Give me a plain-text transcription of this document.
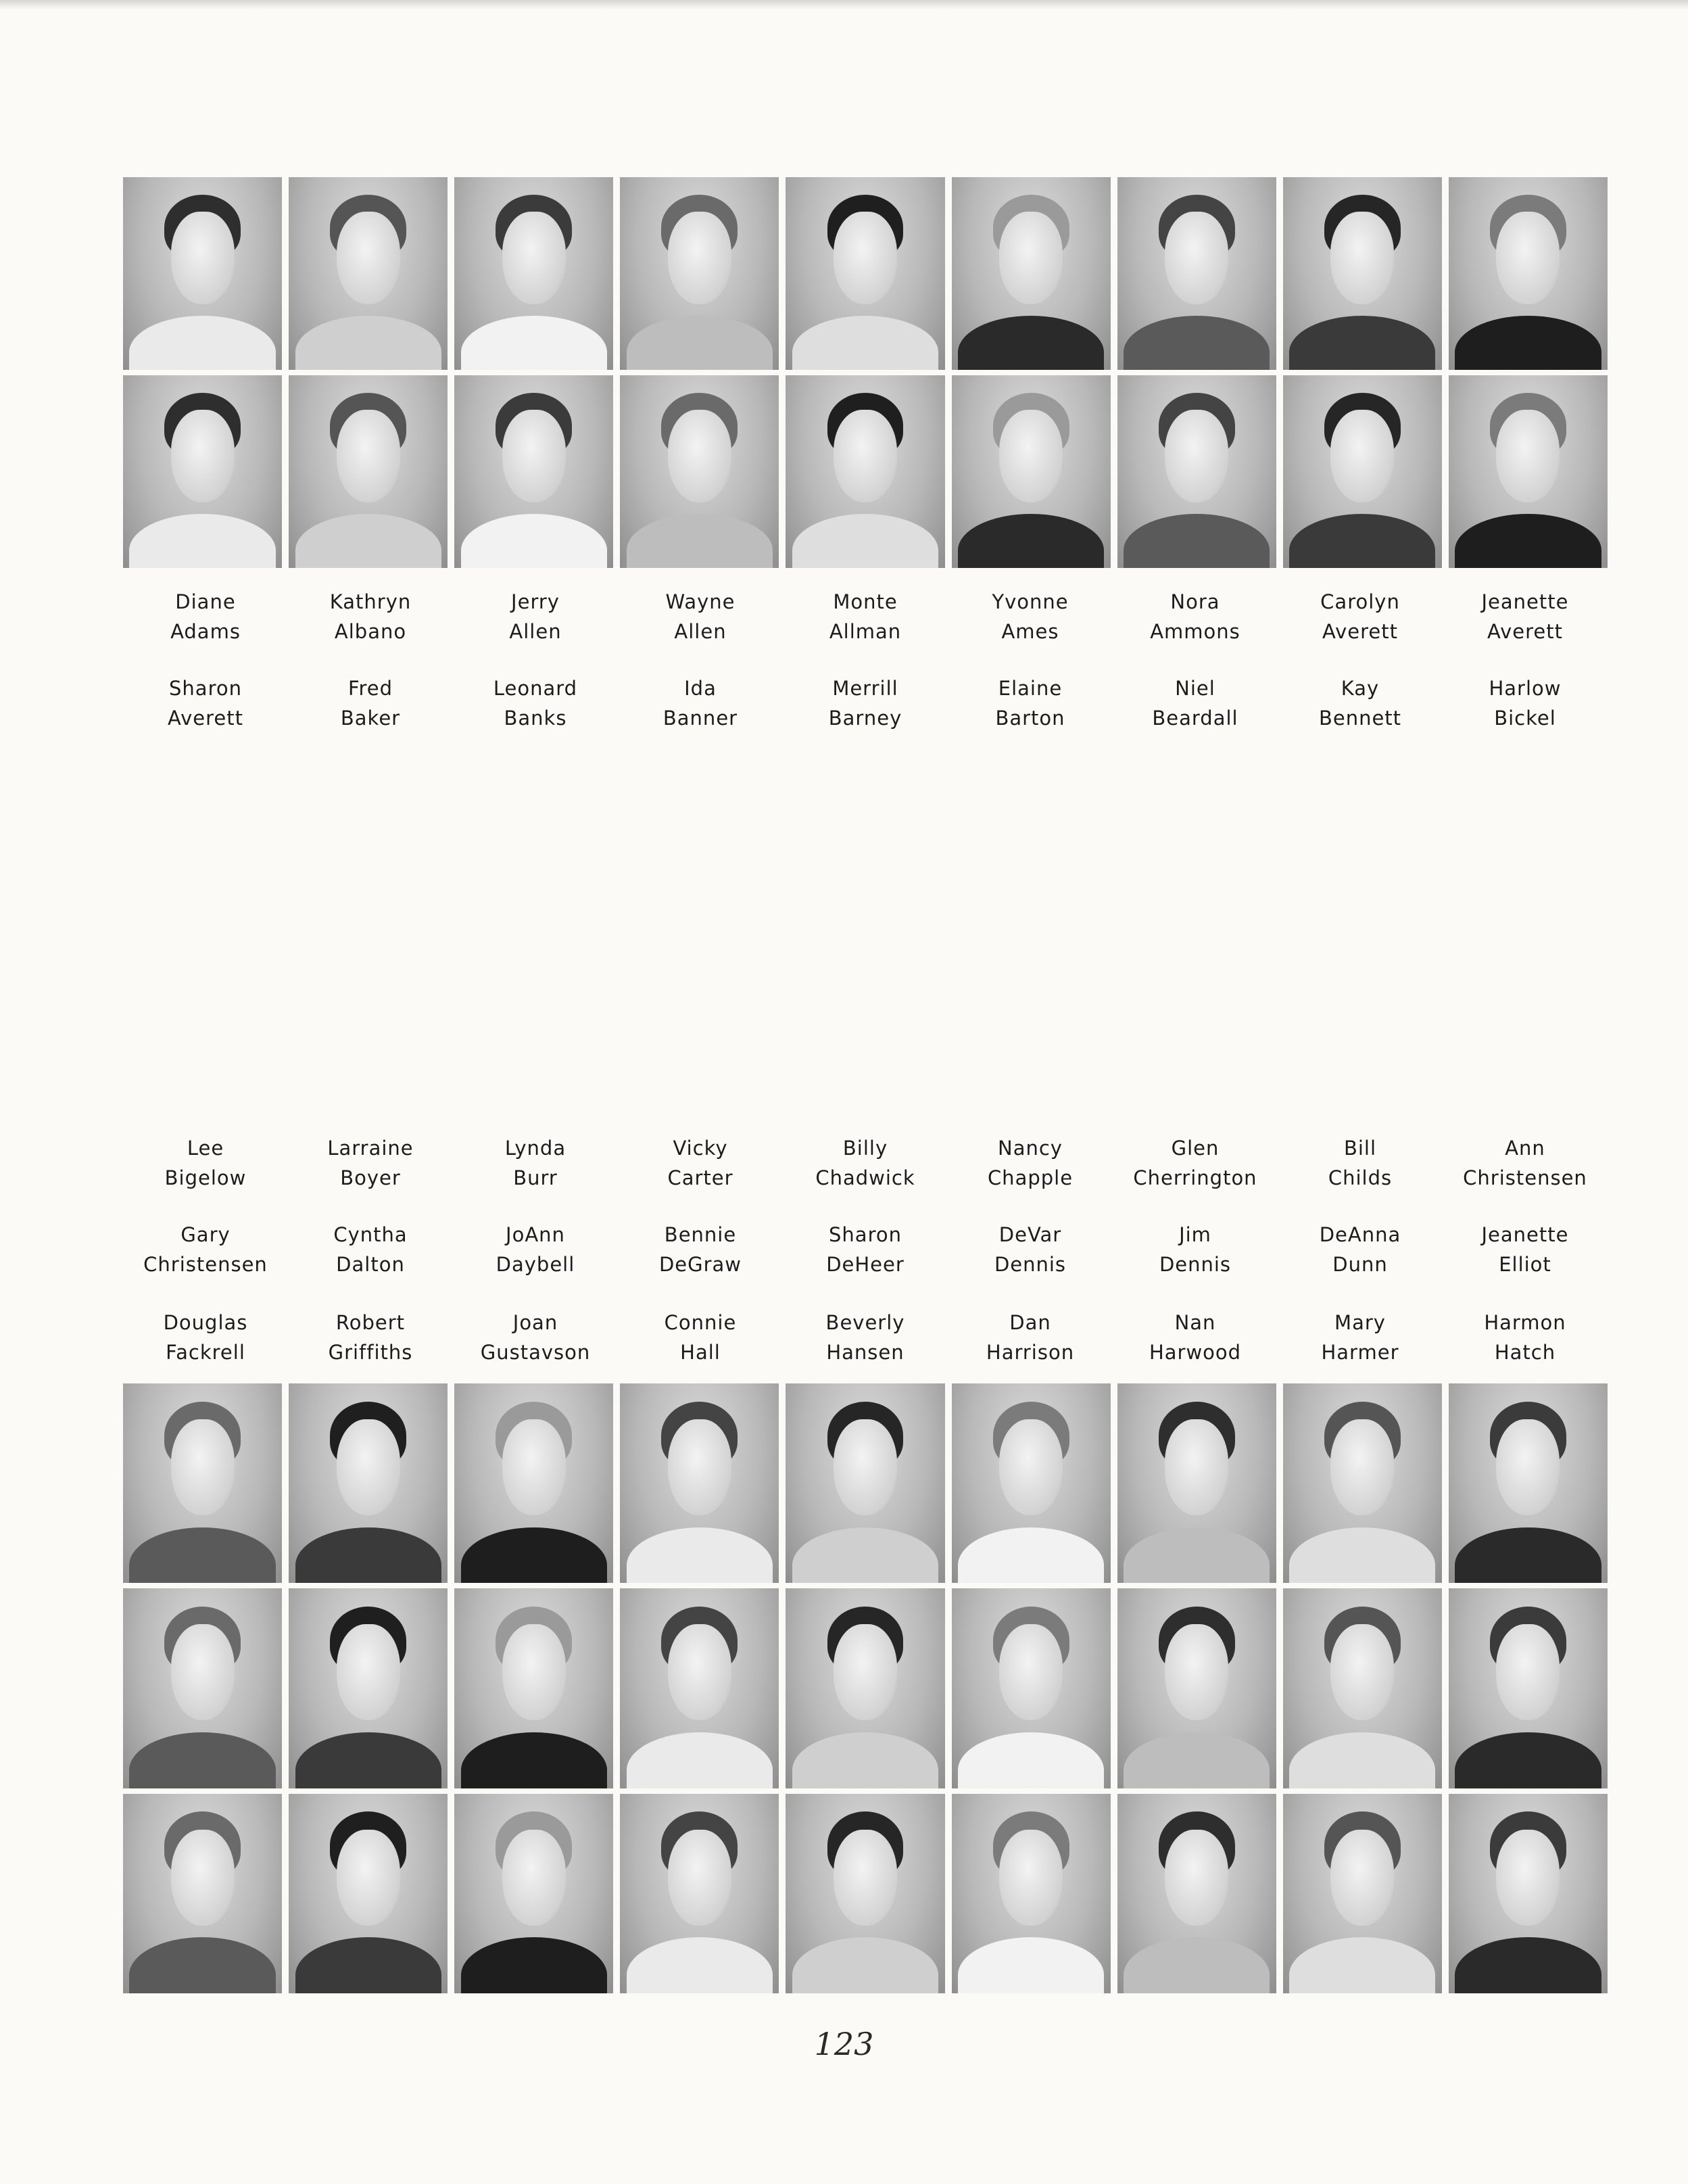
Diane
Adams
Kathryn
Albano
Jerry
Allen
Wayne
Allen
Monte
Allman
Yvonne
Ames
Nora
Ammons
Carolyn
Averett
Jeanette
Averett
Sharon
Averett
Fred
Baker
Leonard
Banks
Ida
Banner
Merrill
Barney
Elaine
Barton
Niel
Beardall
Kay
Bennett
Harlow
Bickel
Lee
Bigelow
Larraine
Boyer
Lynda
Burr
Vicky
Carter
Billy
Chadwick
Nancy
Chapple
Glen
Cherrington
Bill
Childs
Ann
Christensen
Gary
Christensen
Cyntha
Dalton
JoAnn
Daybell
Bennie
DeGraw
Sharon
DeHeer
DeVar
Dennis
Jim
Dennis
DeAnna
Dunn
Jeanette
Elliot
Douglas
Fackrell
Robert
Griffiths
Joan
Gustavson
Connie
Hall
Beverly
Hansen
Dan
Harrison
Nan
Harwood
Mary
Harmer
Harmon
Hatch
123
